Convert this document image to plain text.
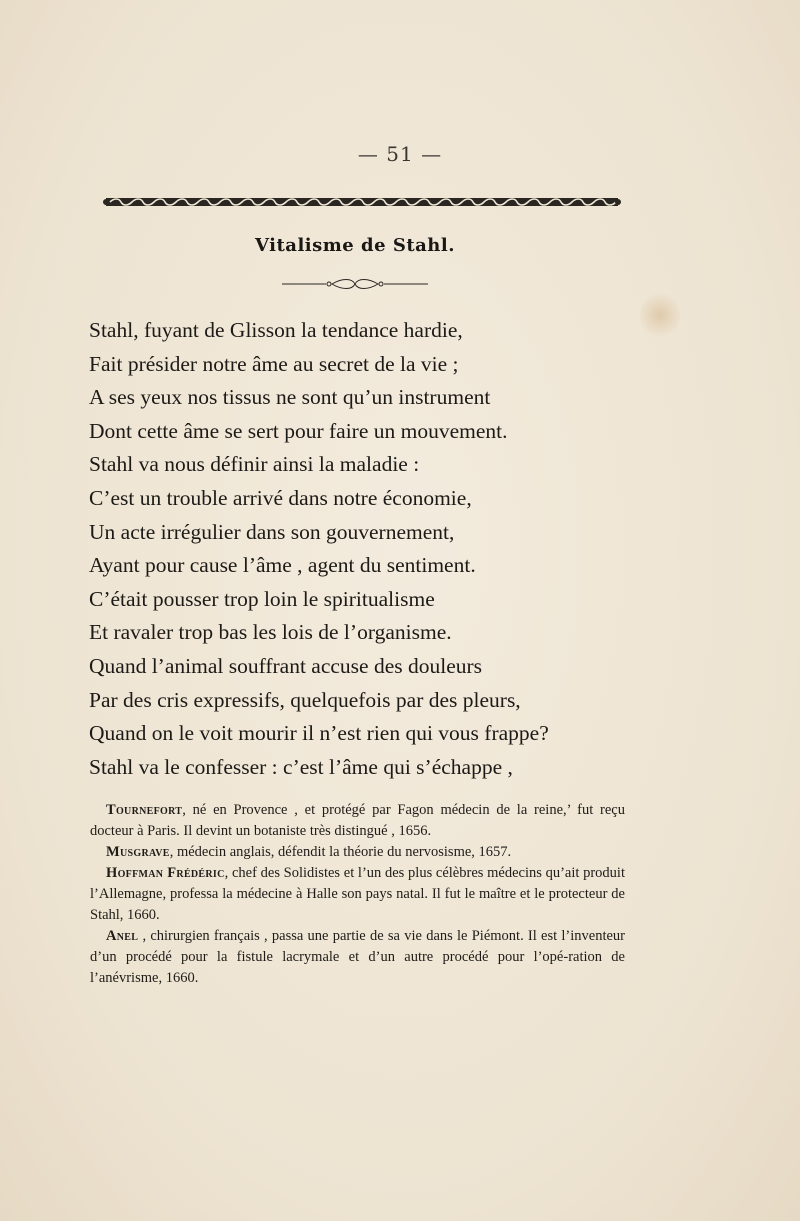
— 51 —
Vitalisme de Stahl.
Stahl, fuyant de Glisson la tendance hardie,
Fait présider notre âme au secret de la vie ;
A ses yeux nos tissus ne sont qu’un instrument
Dont cette âme se sert pour faire un mouvement.
Stahl va nous définir ainsi la maladie :
C’est un trouble arrivé dans notre économie,
Un acte irrégulier dans son gouvernement,
Ayant pour cause l’âme , agent du sentiment.
C’était pousser trop loin le spiritualisme
Et ravaler trop bas les lois de l’organisme.
Quand l’animal souffrant accuse des douleurs
Par des cris expressifs, quelquefois par des pleurs,
Quand on le voit mourir il n’est rien qui vous frappe?
Stahl va le confesser : c’est l’âme qui s’échappe ,

Tournefort, né en Provence , et protégé par Fagon médecin de la reine,’ fut reçu docteur à Paris. Il devint un botaniste très distingué , 1656.

Musgrave, médecin anglais, défendit la théorie du nervosisme, 1657.

Hoffman Frédéric, chef des Solidistes et l’un des plus célèbres médecins qu’ait produit l’Allemagne, professa la médecine à Halle son pays natal. Il fut le maître et le protecteur de Stahl, 1660.

Anel , chirurgien français , passa une partie de sa vie dans le Piémont. Il est l’inventeur d’un procédé pour la fistule lacrymale et d’un autre procédé pour l’opé-ration de l’anévrisme, 1660.
